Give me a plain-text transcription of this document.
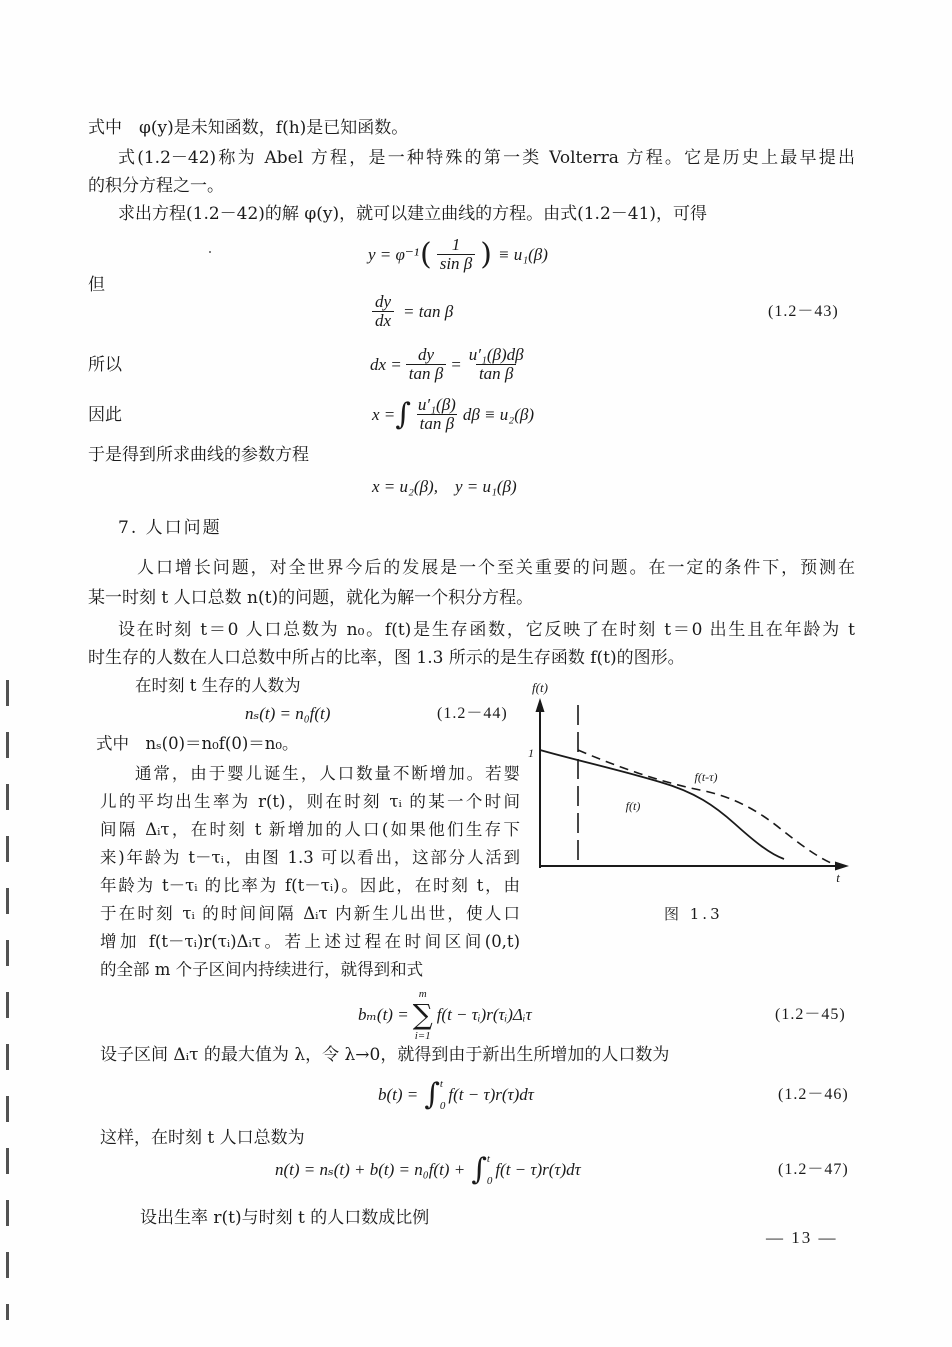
式中　φ(y)是未知函数，f(h)是已知函数。
式(1.2－42)称为 Abel 方程，是一种特殊的第一类 Volterra 方程。它是历史上最早提出
的积分方程之一。
求出方程(1.2－42)的解 φ(y)，就可以建立曲线的方程。由式(1.2－41)，可得
y = φ⁻¹ ( $\frac{1}{\text{sin β}}$ ) ≡ u₁(β)
但
$\frac{dy}{dx} = \tan \beta$	(1.2－43)
所以	dx = $\frac{dy}{\text{tan β}} = \frac{\text{u′₁(β)dβ}}{\text{tan β}}$
因此	x = ∫ $\frac{\text{u′₁(β)}}{\text{tan β}}$ dβ ≡ u₂(β)
于是得到所求曲线的参数方程
x = u₂(β),　y = u₁(β)
7. 人口问题
人口增长问题，对全世界今后的发展是一个至关重要的问题。在一定的条件下，预测在
某一时刻 t 人口总数 n(t)的问题，就化为解一个积分方程。
设在时刻 t＝0 人口总数为 n₀。f(t)是生存函数，它反映了在时刻 t＝0 出生且在年龄为 t
时生存的人数在人口总数中所占的比率，图 1.3 所示的是生存函数 f(t)的图形。
在时刻 t 生存的人数为
nₛ(t) = n₀f(t)	(1.2－44)
式中　nₛ(0)＝n₀f(0)＝n₀。
通常，由于婴儿诞生，人口数量不断增加。若婴
儿的平均出生率为 r(t)，则在时刻 τᵢ 的某一个时间
间隔 Δᵢτ，在时刻 t 新增加的人口(如果他们生存下
来)年龄为 t－τᵢ，由图 1.3 可以看出，这部分人活到
年龄为 t－τᵢ 的比率为 f(t－τᵢ)。因此，在时刻 t，由
于在时刻 τᵢ 的时间间隔 Δᵢτ 内新生儿出世，使人口
增加 f(t－τᵢ)r(τᵢ)Δᵢτ。若上述过程在时间区间(0,t)
的全部 m 个子区间内持续进行，就得到和式
f(t)
1
t
f(t-τ)
f(t)
图 1.3
bₘ(t) =
m
∑
i=1
f(t − τᵢ)r(τᵢ)Δᵢτ	(1.2－45)
设子区间 Δᵢτ 的最大值为 λ，令 λ→0，就得到由于新出生所增加的人口数为
b(t) = ∫ t
0
f(t − τ)r(τ)dτ	(1.2－46)
这样，在时刻 t 人口总数为
n(t) = nₛ(t) + b(t) = n₀f(t) + ∫ t
0
f(t − τ)r(τ)dτ	(1.2－47)
设出生率 r(t)与时刻 t 的人口数成比例
— 13 —
